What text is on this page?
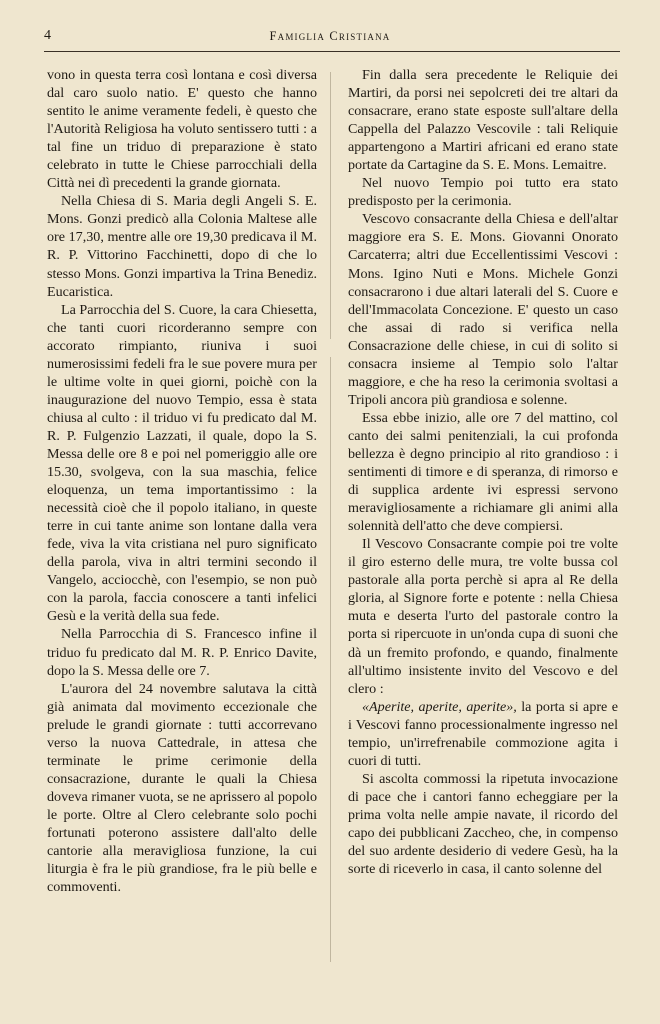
4	Famiglia Cristiana

vono in questa terra così lontana e così diversa dal caro suolo natio. E' questo che hanno sentito le anime veramente fedeli, è questo che l'Autorità Religiosa ha voluto sentissero tutti : a tal fine un triduo di preparazione è stato celebrato in tutte le Chiese parrocchiali della Città nei dì precedenti la grande giornata.

Nella Chiesa di S. Maria degli Angeli S. E. Mons. Gonzi predicò alla Colonia Maltese alle ore 17,30, mentre alle ore 19,30 predicava il M. R. P. Vittorino Facchinetti, dopo di che lo stesso Mons. Gonzi impartiva la Trina Benediz. Eucaristica.

La Parrocchia del S. Cuore, la cara Chiesetta, che tanti cuori ricorderanno sempre con accorato rimpianto, riuniva i suoi numerosissimi fedeli fra le sue povere mura per le ultime volte in quei giorni, poichè con la inaugurazione del nuovo Tempio, essa è stata chiusa al culto : il triduo vi fu predicato dal M. R. P. Fulgenzio Lazzati, il quale, dopo la S. Messa delle ore 8 e poi nel pomeriggio alle ore 15.30, svolgeva, con la sua maschia, felice eloquenza, un tema importantissimo : la necessità cioè che il popolo italiano, in queste terre in cui tante anime son lontane dalla vera fede, viva la vita cristiana nel puro significato della parola, viva in altri termini secondo il Vangelo, acciocchè, con l'esempio, se non può con la parola, faccia conoscere a tanti infelici Gesù e la verità della sua fede.

Nella Parrocchia di S. Francesco infine il triduo fu predicato dal M. R. P. Enrico Davite, dopo la S. Messa delle ore 7.

L'aurora del 24 novembre salutava la città già animata dal movimento eccezionale che prelude le grandi giornate : tutti accorrevano verso la nuova Cattedrale, in attesa che terminate le prime cerimonie della consacrazione, durante le quali la Chiesa doveva rimaner vuota, se ne aprissero al popolo le porte. Oltre al Clero celebrante solo pochi fortunati poterono assistere dall'alto delle cantorie alla meravigliosa funzione, la cui liturgia è fra le più grandiose, fra le più belle e commoventi.

Fin dalla sera precedente le Reliquie dei Martiri, da porsi nei sepolcreti dei tre altari da consacrare, erano state esposte sull'altare della Cappella del Palazzo Vescovile : tali Reliquie appartengono a Martiri africani ed erano state portate da Cartagine da S. E. Mons. Lemaitre.

Nel nuovo Tempio poi tutto era stato predisposto per la cerimonia.

Vescovo consacrante della Chiesa e dell'altar maggiore era S. E. Mons. Giovanni Onorato Carcaterra; altri due Eccellentissimi Vescovi : Mons. Igino Nuti e Mons. Michele Gonzi consacrarono i due altari laterali del S. Cuore e dell'Immacolata Concezione. E' questo un caso che assai di rado si verifica nella Consacrazione delle chiese, in cui di solito si consacra insieme al Tempio solo l'altar maggiore, e che ha reso la cerimonia svoltasi a Tripoli ancora più grandiosa e solenne.

Essa ebbe inizio, alle ore 7 del mattino, col canto dei salmi penitenziali, la cui profonda bellezza è degno principio al rito grandioso : i sentimenti di timore e di speranza, di rimorso e di supplica ardente ivi espressi servono meravigliosamente a richiamare gli animi alla solennità dell'atto che deve compiersi.

Il Vescovo Consacrante compie poi tre volte il giro esterno delle mura, tre volte bussa col pastorale alla porta perchè si apra al Re della gloria, al Signore forte e potente : nella Chiesa muta e deserta l'urto del pastorale contro la porta si ripercuote in un'onda cupa di suoni che dà un fremito profondo, e quando, finalmente all'ultimo insistente invito del Vescovo e del clero :

«Aperite, aperite, aperite», la porta si apre e i Vescovi fanno processionalmente ingresso nel tempio, un'irrefrenabile commozione agita i cuori di tutti.

Si ascolta commossi la ripetuta invocazione di pace che i cantori fanno echeggiare per la prima volta nelle ampie navate, il ricordo del capo dei pubblicani Zaccheo, che, in compenso del suo ardente desiderio di vedere Gesù, ha la sorte di riceverlo in casa, il canto solenne del
